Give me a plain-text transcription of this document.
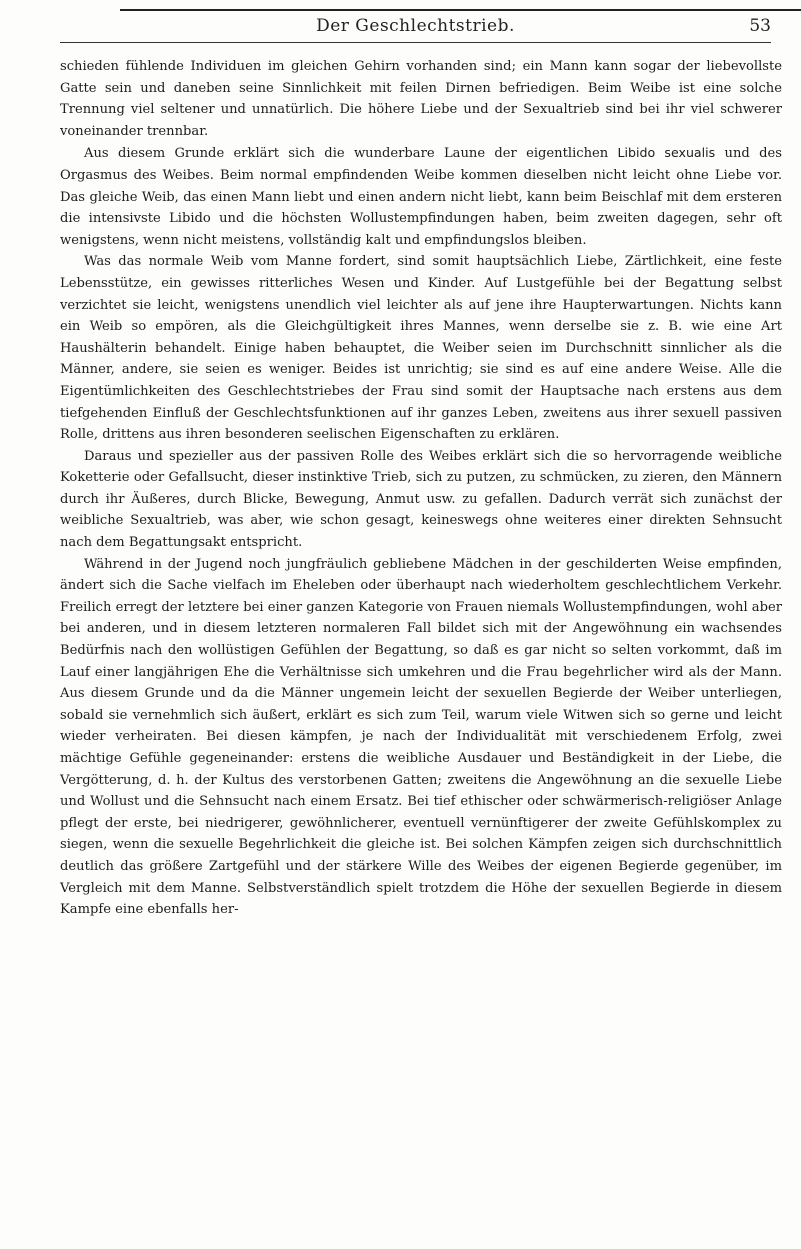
Der Geschlechtstrieb.	53

schieden fühlende Individuen im gleichen Gehirn vorhanden sind; ein Mann kann sogar der liebevollste Gatte sein und daneben seine Sinnlichkeit mit feilen Dirnen befriedigen. Beim Weibe ist eine solche Trennung viel seltener und unnatürlich. Die höhere Liebe und der Sexualtrieb sind bei ihr viel schwerer voneinander trennbar.

Aus diesem Grunde erklärt sich die wunderbare Laune der eigentlichen Libido sexualis und des Orgasmus des Weibes. Beim normal empfindenden Weibe kommen dieselben nicht leicht ohne Liebe vor. Das gleiche Weib, das einen Mann liebt und einen andern nicht liebt, kann beim Beischlaf mit dem ersteren die intensivste Libido und die höchsten Wollustempfindungen haben, beim zweiten dagegen, sehr oft wenigstens, wenn nicht meistens, vollständig kalt und empfindungslos bleiben.

Was das normale Weib vom Manne fordert, sind somit hauptsächlich Liebe, Zärtlichkeit, eine feste Lebensstütze, ein gewisses ritterliches Wesen und Kinder. Auf Lustgefühle bei der Begattung selbst verzichtet sie leicht, wenigstens unendlich viel leichter als auf jene ihre Haupterwartungen. Nichts kann ein Weib so empören, als die Gleichgültigkeit ihres Mannes, wenn derselbe sie z. B. wie eine Art Haushälterin behandelt. Einige haben behauptet, die Weiber seien im Durchschnitt sinnlicher als die Männer, andere, sie seien es weniger. Beides ist unrichtig; sie sind es auf eine andere Weise. Alle die Eigentümlichkeiten des Geschlechtstriebes der Frau sind somit der Hauptsache nach erstens aus dem tiefgehenden Einfluß der Geschlechtsfunktionen auf ihr ganzes Leben, zweitens aus ihrer sexuell passiven Rolle, drittens aus ihren besonderen seelischen Eigenschaften zu erklären.

Daraus und spezieller aus der passiven Rolle des Weibes erklärt sich die so hervorragende weibliche Koketterie oder Gefallsucht, dieser instinktive Trieb, sich zu putzen, zu schmücken, zu zieren, den Männern durch ihr Äußeres, durch Blicke, Bewegung, Anmut usw. zu gefallen. Dadurch verrät sich zunächst der weibliche Sexualtrieb, was aber, wie schon gesagt, keineswegs ohne weiteres einer direkten Sehnsucht nach dem Begattungsakt entspricht.

Während in der Jugend noch jungfräulich gebliebene Mädchen in der geschilderten Weise empfinden, ändert sich die Sache vielfach im Eheleben oder überhaupt nach wiederholtem geschlechtlichem Verkehr. Freilich erregt der letztere bei einer ganzen Kategorie von Frauen niemals Wollustempfindungen, wohl aber bei anderen, und in diesem letzteren normaleren Fall bildet sich mit der Angewöhnung ein wachsendes Bedürfnis nach den wollüstigen Gefühlen der Begattung, so daß es gar nicht so selten vorkommt, daß im Lauf einer langjährigen Ehe die Verhältnisse sich umkehren und die Frau begehrlicher wird als der Mann. Aus diesem Grunde und da die Männer ungemein leicht der sexuellen Begierde der Weiber unterliegen, sobald sie vernehmlich sich äußert, erklärt es sich zum Teil, warum viele Witwen sich so gerne und leicht wieder verheiraten. Bei diesen kämpfen, je nach der Individualität mit verschiedenem Erfolg, zwei mächtige Gefühle gegeneinander: erstens die weibliche Ausdauer und Beständigkeit in der Liebe, die Vergötterung, d. h. der Kultus des verstorbenen Gatten; zweitens die Angewöhnung an die sexuelle Liebe und Wollust und die Sehnsucht nach einem Ersatz. Bei tief ethischer oder schwärmerisch-religiöser Anlage pflegt der erste, bei niedrigerer, gewöhnlicherer, eventuell vernünftigerer der zweite Gefühlskomplex zu siegen, wenn die sexuelle Begehrlichkeit die gleiche ist. Bei solchen Kämpfen zeigen sich durchschnittlich deutlich das größere Zartgefühl und der stärkere Wille des Weibes der eigenen Begierde gegenüber, im Vergleich mit dem Manne. Selbstverständlich spielt trotzdem die Höhe der sexuellen Begierde in diesem Kampfe eine ebenfalls her-
